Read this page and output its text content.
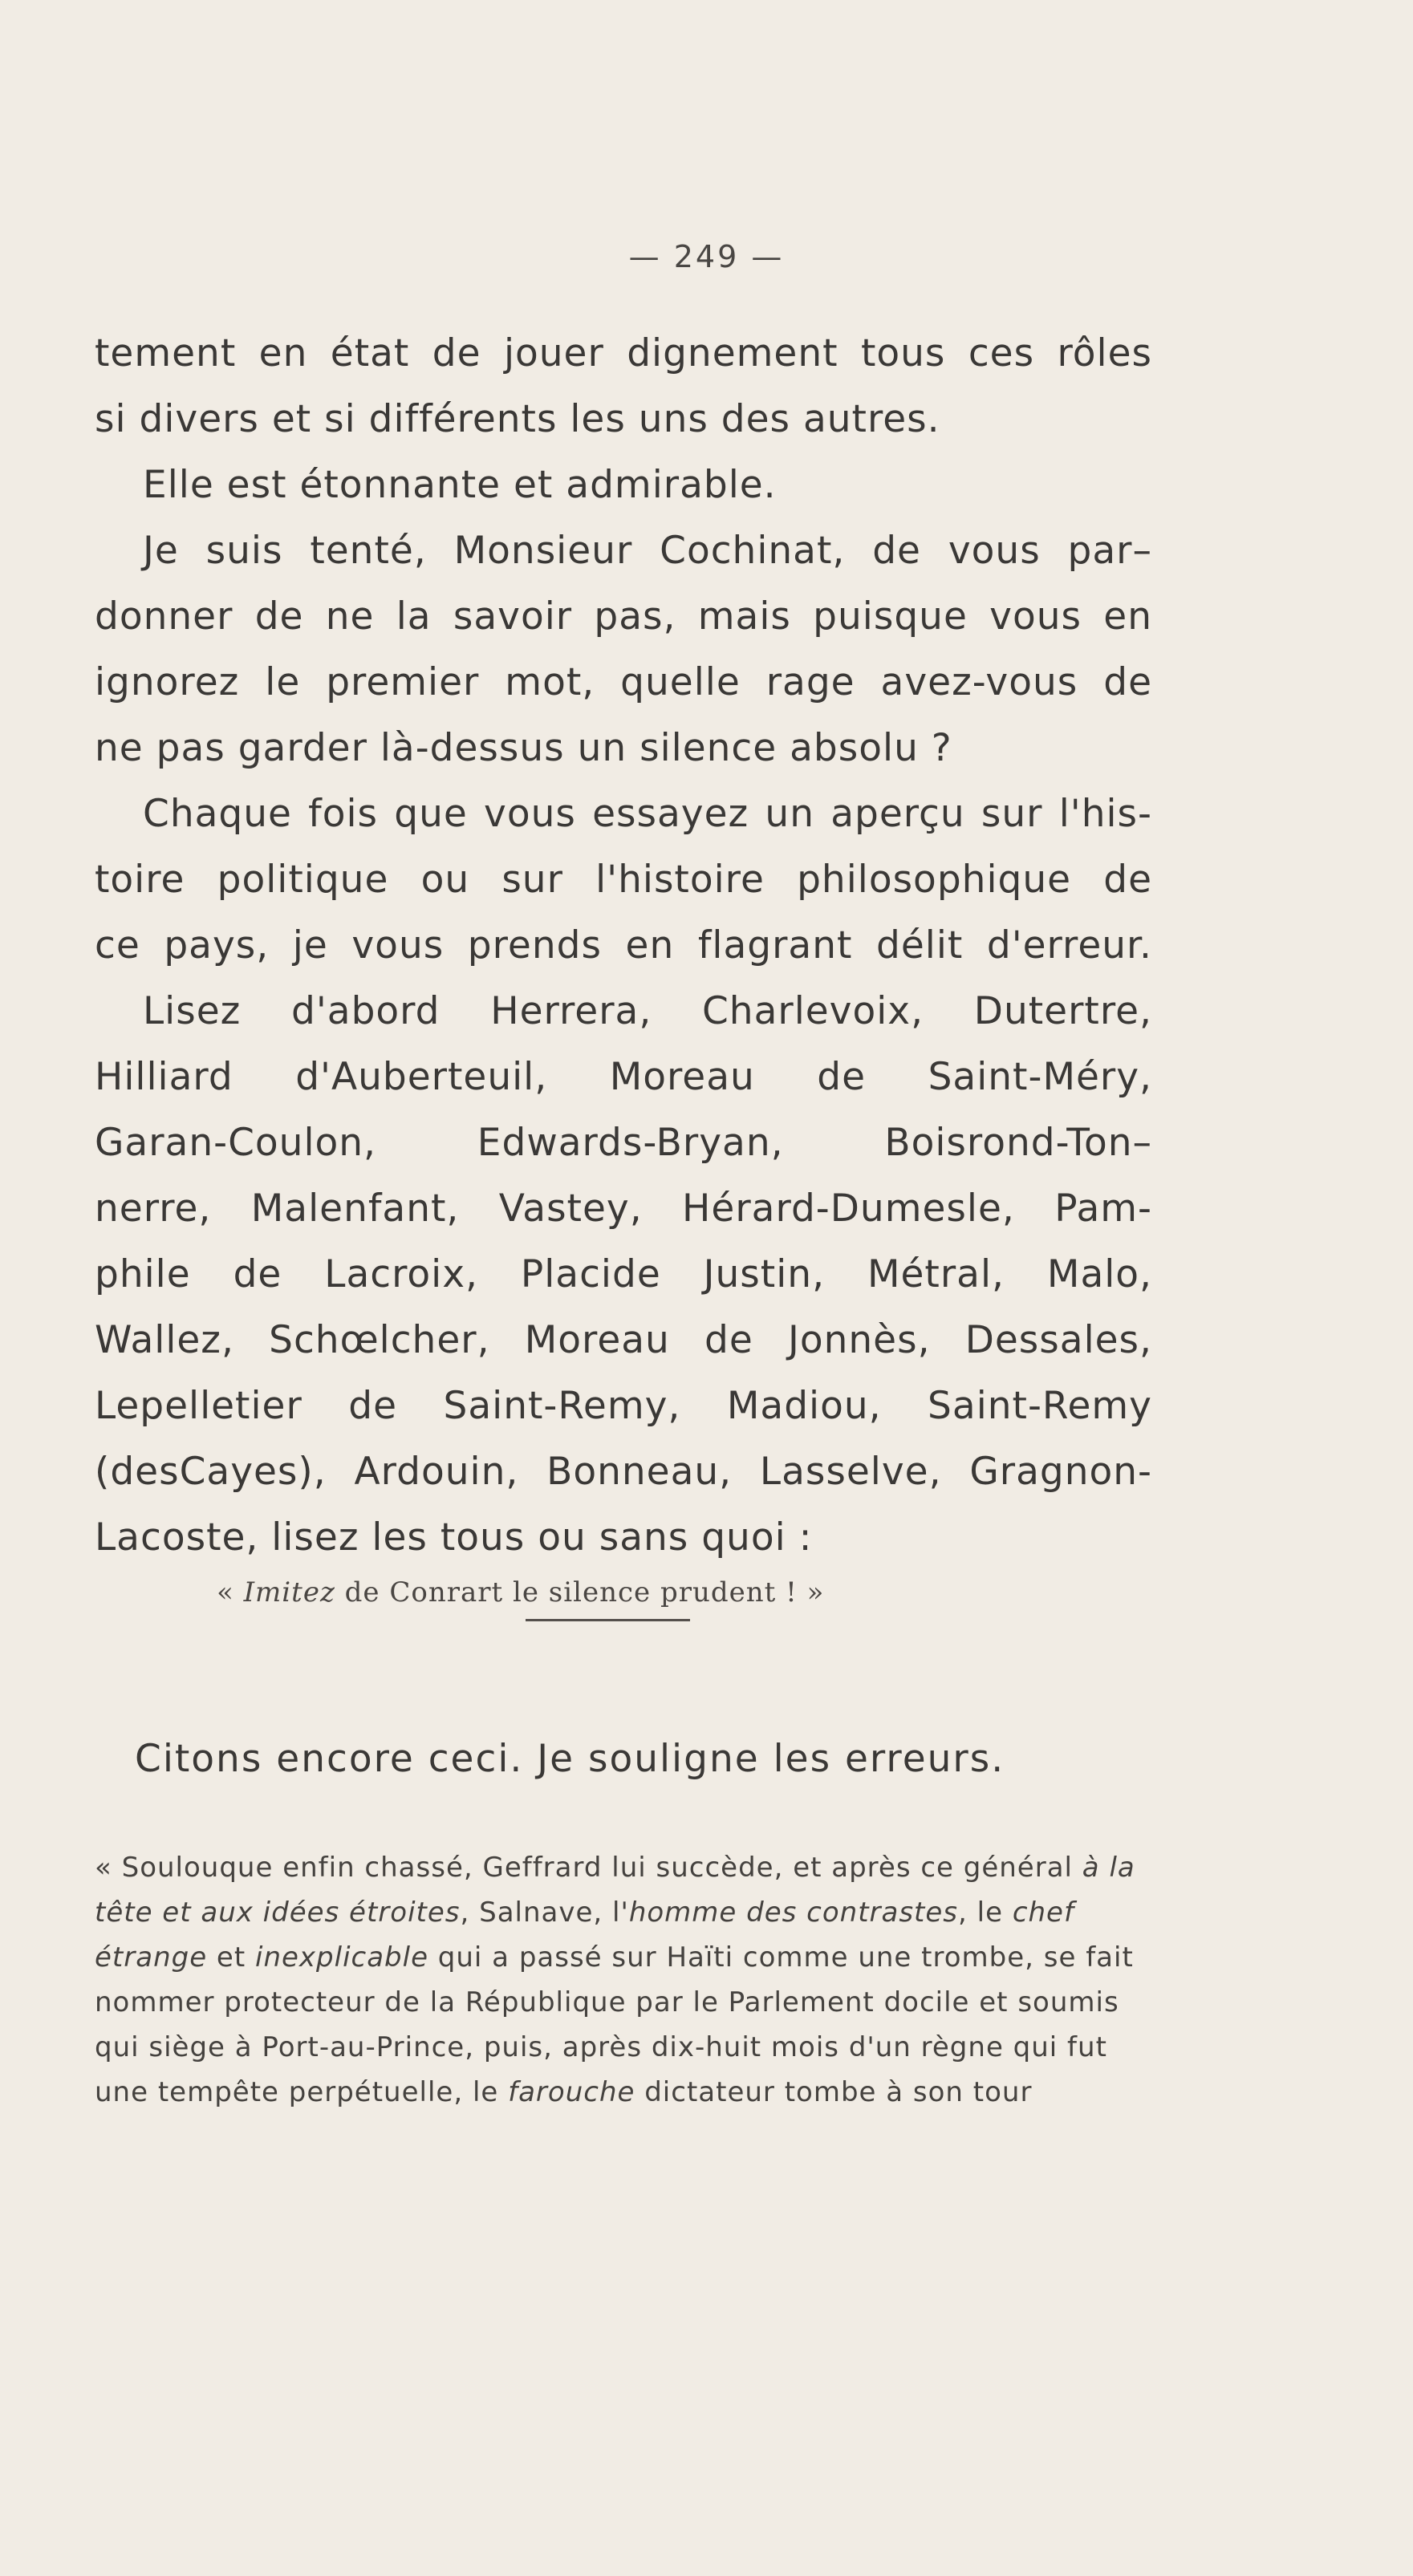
— 249 —
tement en état de jouer dignement tous ces rôles
si divers et si différents les uns des autres.
Elle est étonnante et admirable.
Je suis tenté, Monsieur Cochinat, de vous par–
donner de ne la savoir pas, mais puisque vous en
ignorez le premier mot, quelle rage avez-vous de
ne pas garder là-dessus un silence absolu ?
Chaque fois que vous essayez un aperçu sur l'his-
toire politique ou sur l'histoire philosophique de
ce pays, je vous prends en flagrant délit d'erreur.
Lisez d'abord Herrera, Charlevoix, Dutertre,
Hilliard d'Auberteuil, Moreau de Saint-Méry,
Garan-Coulon, Edwards-Bryan, Boisrond-Ton–
nerre, Malenfant, Vastey, Hérard-Dumesle, Pam-
phile de Lacroix, Placide Justin, Métral, Malo,
Wallez, Schœlcher, Moreau de Jonnès, Dessales,
Lepelletier de Saint-Remy, Madiou, Saint-Remy
(desCayes), Ardouin, Bonneau, Lasselve, Gragnon-
Lacoste, lisez les tous ou sans quoi :
« Imitez de Conrart le silence prudent ! »
Citons encore ceci. Je souligne les erreurs.
« Soulouque enfin chassé, Geffrard lui succède, et après ce général à la tête et aux idées étroites, Salnave, l'homme des contrastes, le chef étrange et inexplicable qui a passé sur Haïti comme une trombe, se fait nommer protecteur de la République par le Parlement docile et soumis qui siège à Port-au-Prince, puis, après dix-huit mois d'un règne qui fut une tempête perpétuelle, le farouche dictateur tombe à son tour
